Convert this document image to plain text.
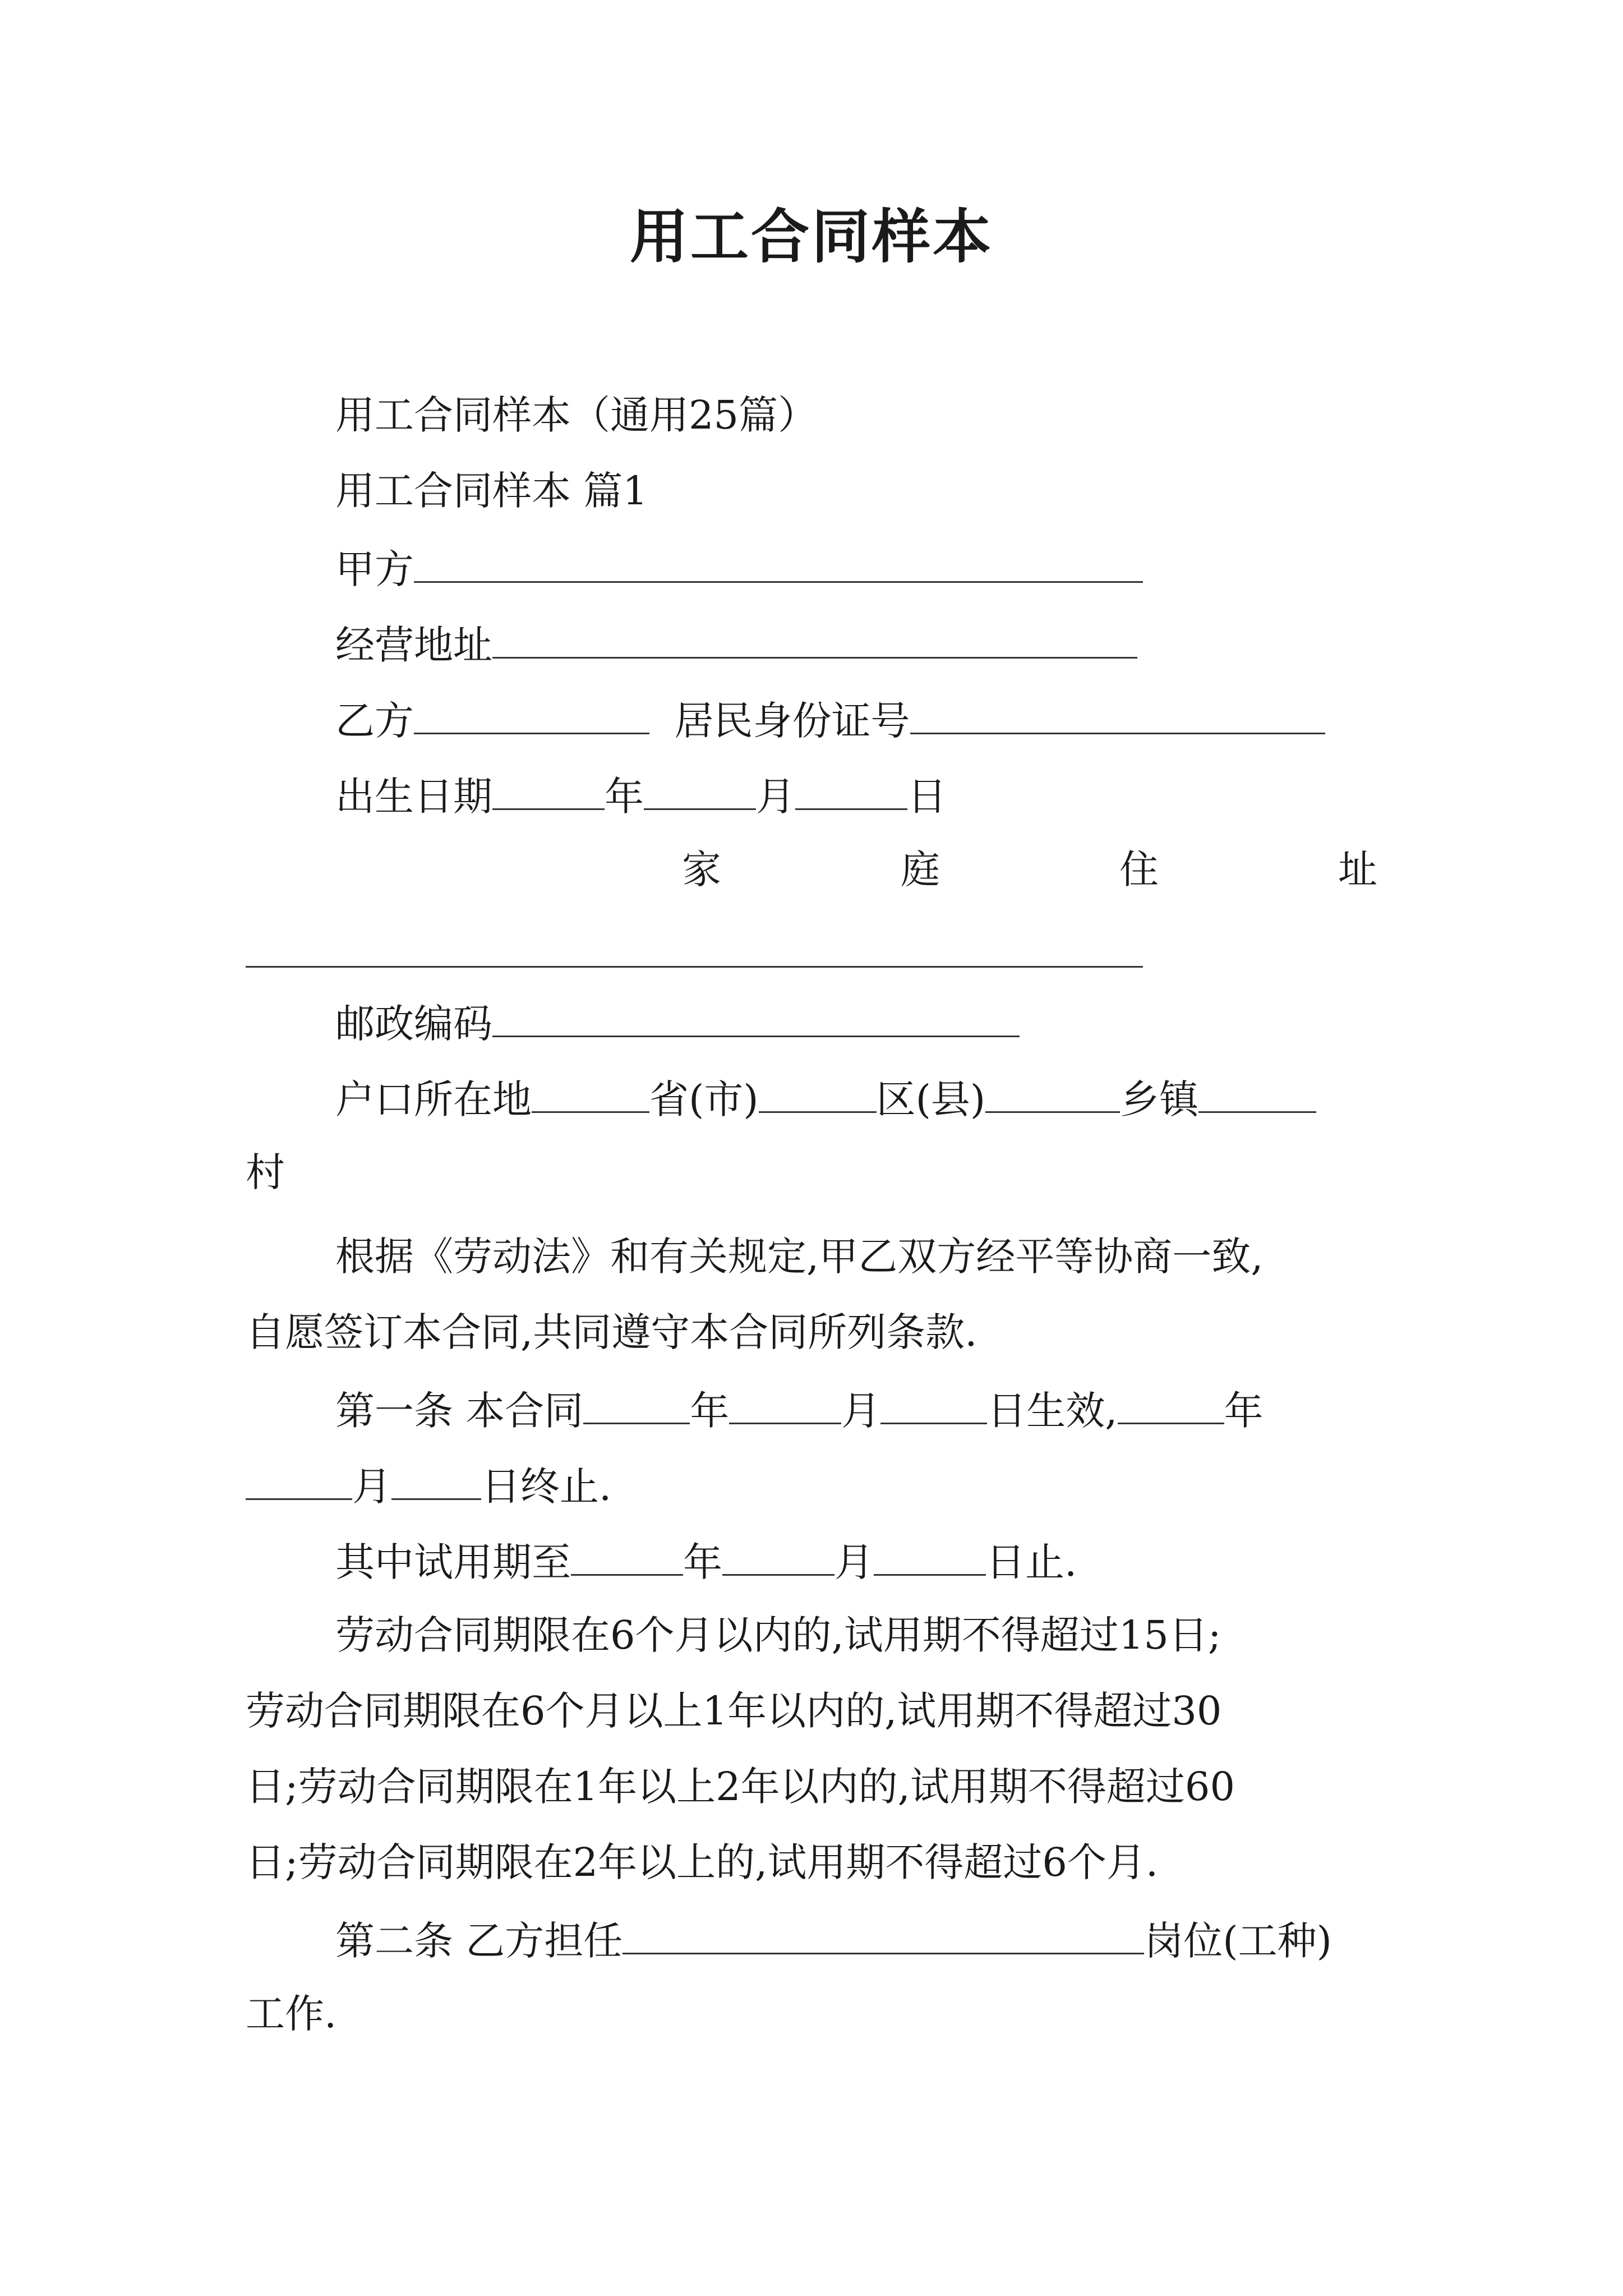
用工合同样本
用工合同样本（通用25篇）
用工合同样本 篇1
甲方
经营地址
乙方	居民身份证号
出生日期	年	月	日
家	庭	住	址
邮政编码
户口所在地	省(市)	区(县)	乡镇
村
根据《劳动法》和有关规定,甲乙双方经平等协商一致,
自愿签订本合同,共同遵守本合同所列条款.
第一条 本合同	年	月	日生效,	年
月 日终止.
其中试用期至	年	月	日止.
劳动合同期限在6个月以内的,试用期不得超过15日;
劳动合同期限在6个月以上1年以内的,试用期不得超过30
日;劳动合同期限在1年以上2年以内的,试用期不得超过60
日;劳动合同期限在2年以上的,试用期不得超过6个月.
第二条 乙方担任	岗位(工种)
工作.
